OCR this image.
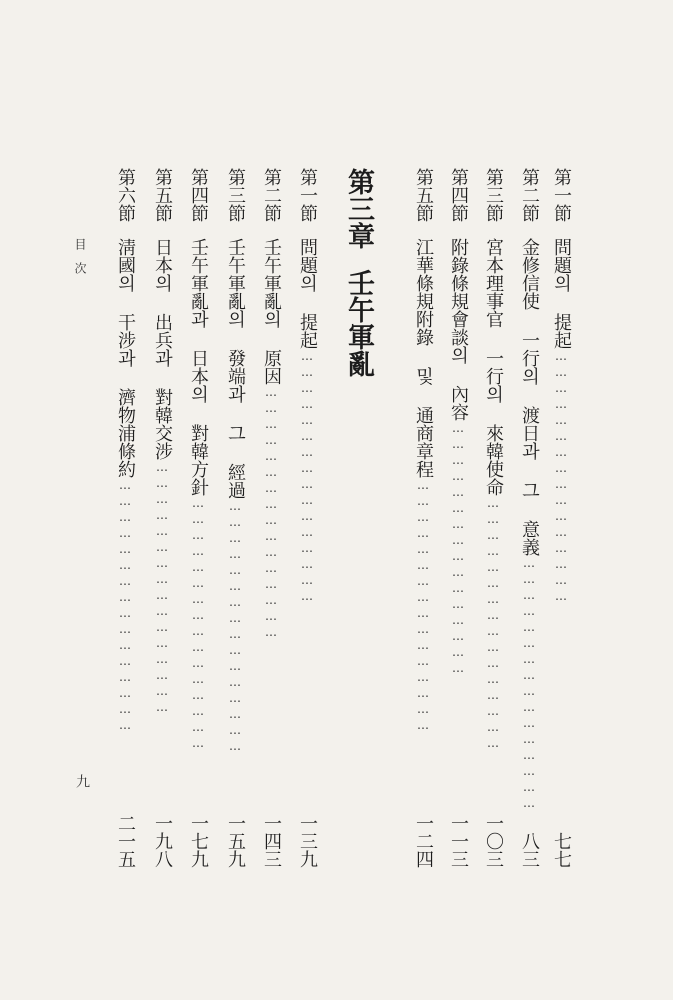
第一節問題의 提起…………………………………………
七七
第二節金修信使 一行의 渡日과 그 意義…………………………………………
八三
第三節宮本理事官 一行의 來韓使命…………………………………………
一〇三
第四節附錄條規會談의 內容…………………………………………
一一三
第五節江華條規附錄 및 通商章程…………………………………………
一二四
第三章壬午軍亂
第一節問題의 提起…………………………………………
一三九
第二節壬午軍亂의 原因…………………………………………
一四三
第三節壬午軍亂의 發端과 그 經過…………………………………………
一五九
第四節壬午軍亂과 日本의 對韓方針…………………………………………
一七九
第五節日本의 出兵과 對韓交涉…………………………………………
一九八
第六節淸國의 干涉과 濟物浦條約…………………………………………
二一五
目次
九
